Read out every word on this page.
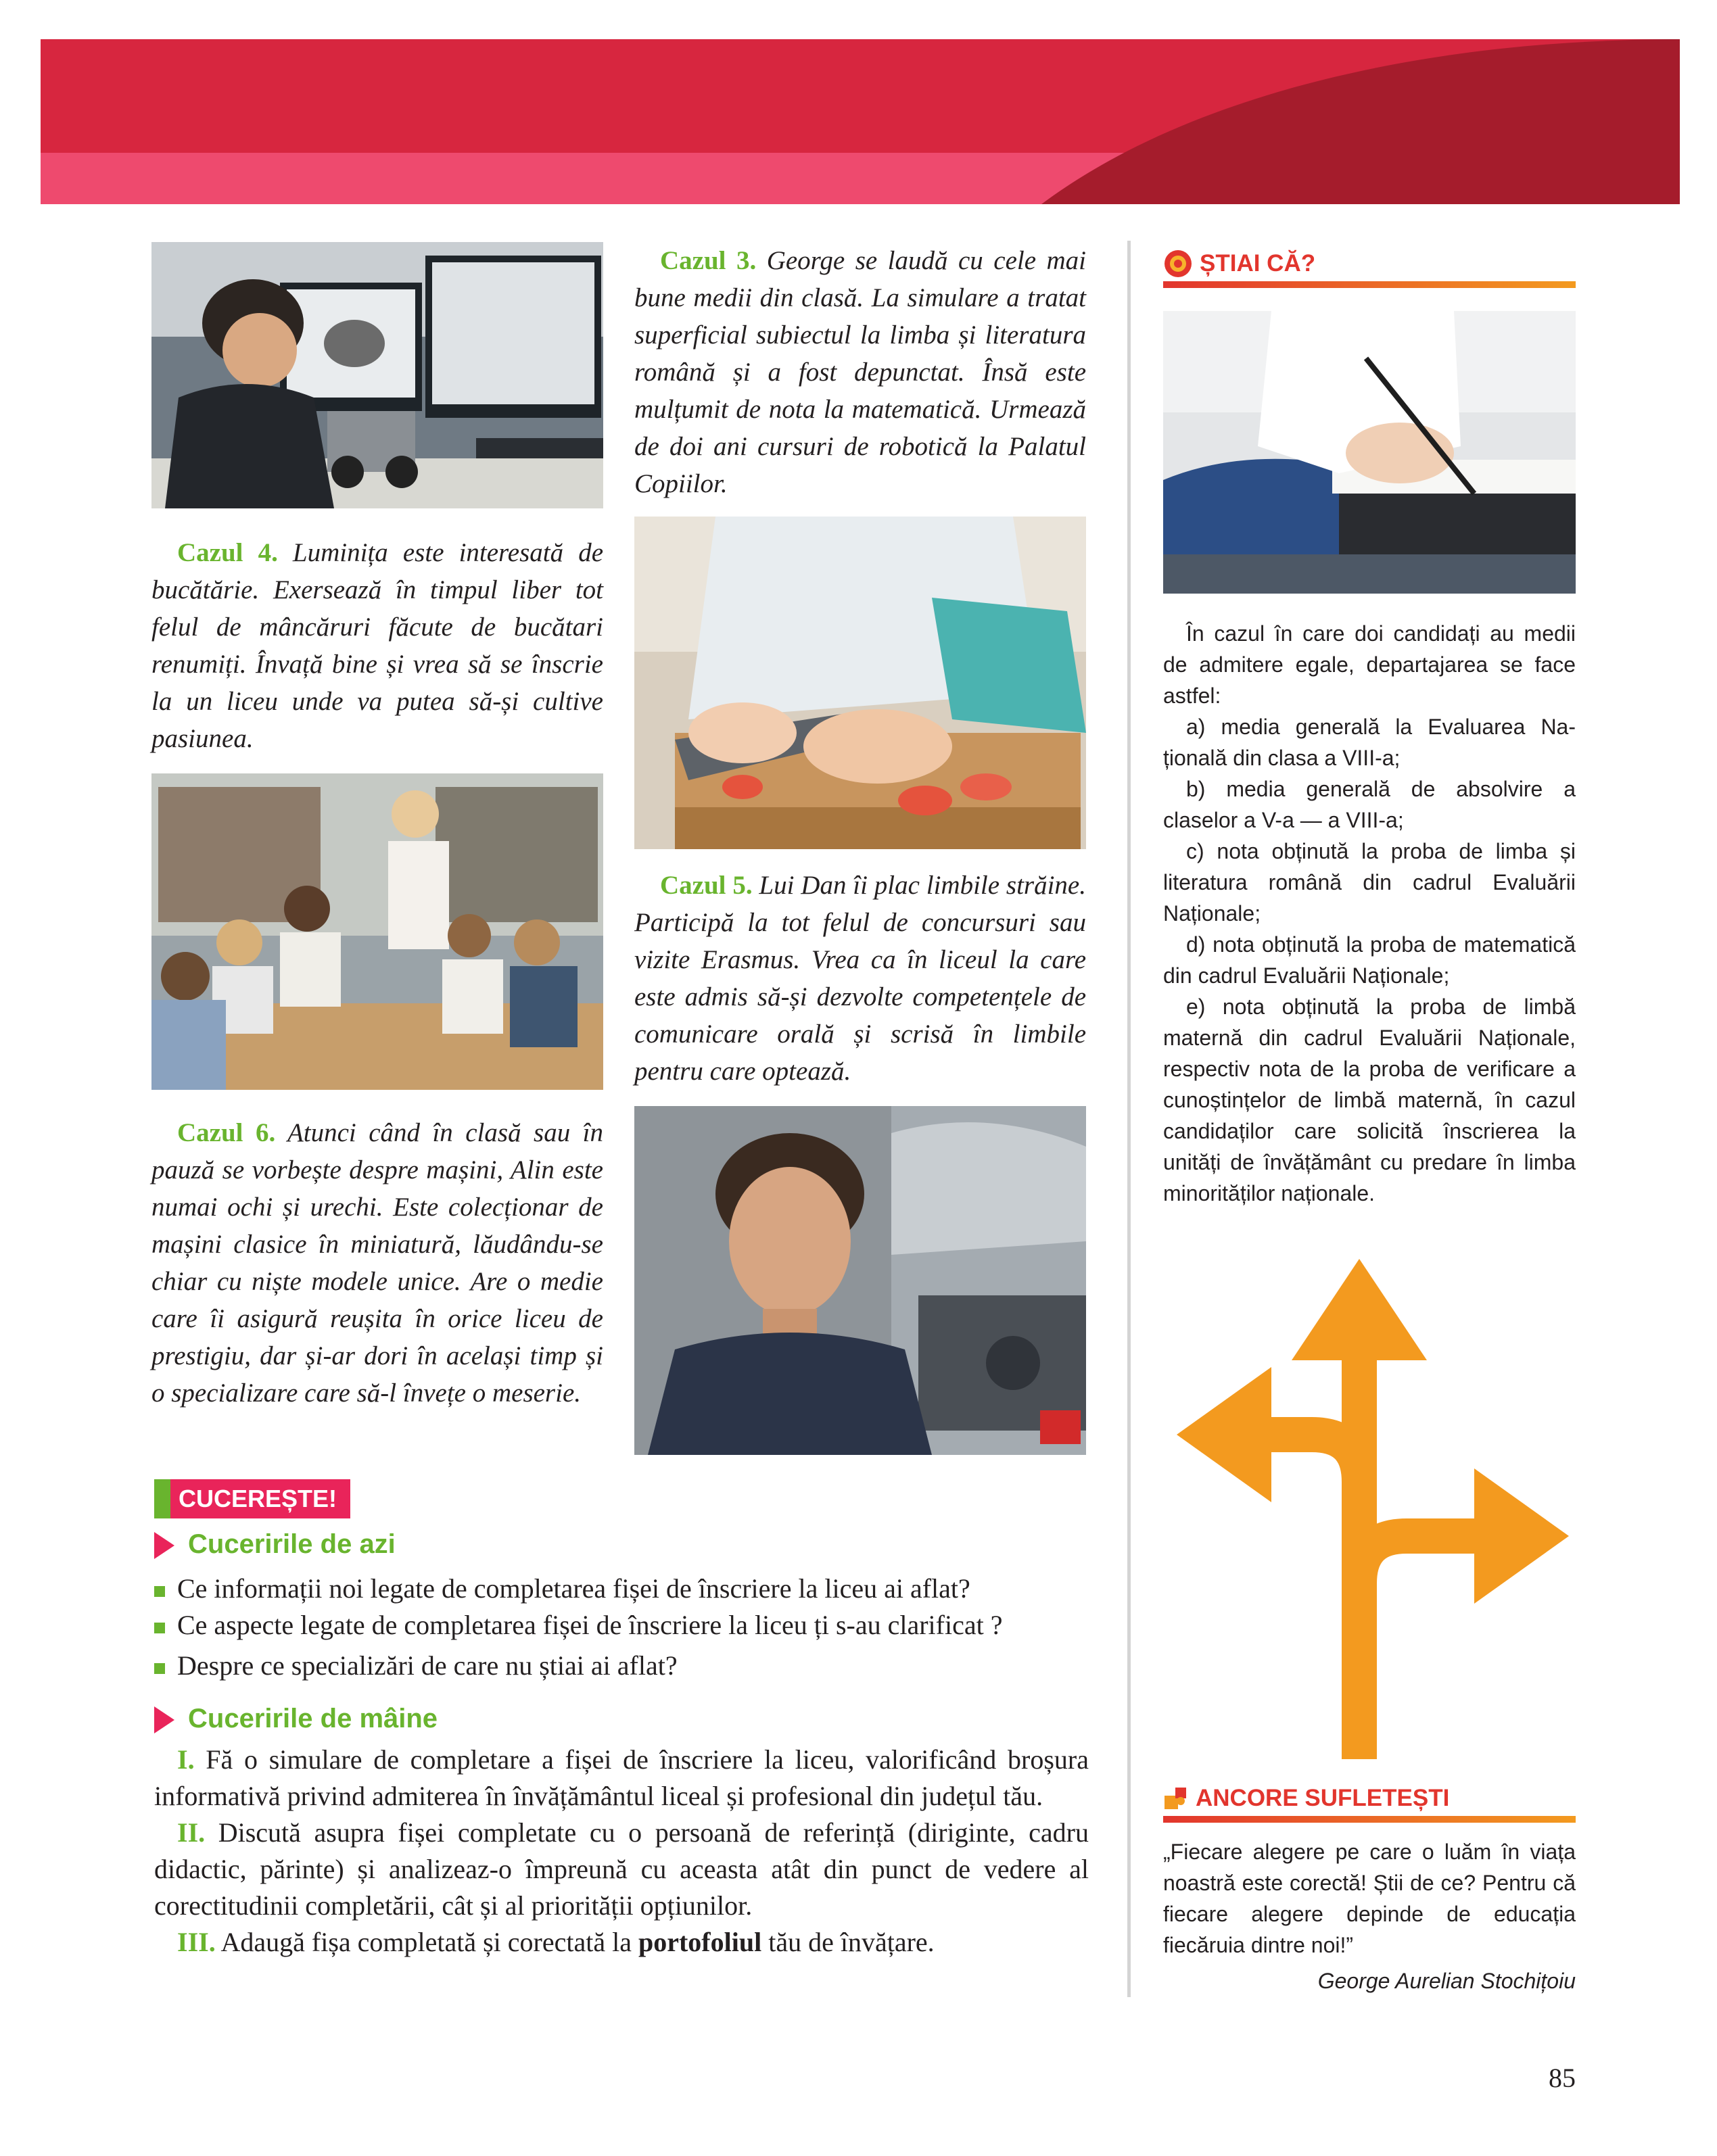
Cazul 3. George se laudă cu cele mai bune medii din clasă. La simulare a tratat superficial subiectul la limba și literatura română și a fost depunctat. Însă este mulțumit de nota la matematică. Urmează de doi ani cursuri de robotică la Palatul Copiilor.
Cazul 4. Luminița este interesată de bucătărie. Exersează în timpul liber tot felul de mâncăruri făcute de bucătari renumiți. Învață bine și vrea să se înscrie la un liceu unde va putea să-și cultive pasiunea.
Cazul 5. Lui Dan îi plac limbile străine. Participă la tot felul de concursuri sau vizite Erasmus. Vrea ca în liceul la care este admis să-și dezvolte competențele de comunicare orală și scrisă în limbile pentru care optează.
Cazul 6. Atunci când în clasă sau în pauză se vorbește despre mașini, Alin este numai ochi și urechi. Este colecționar de mașini clasice în miniatură, lăudându-se chiar cu niște modele unice. Are o medie care îi asigură reușita în orice liceu de prestigiu, dar și-ar dori în același timp și o specializare care să-l învețe o meserie.
ȘTIAI CĂ?

În cazul în care doi candidați au medii de admitere egale, departajarea se face astfel:

a) media generală la Evaluarea Națională din clasa a VIII-a;

b) media generală de absolvire a claselor a V-a — a VIII-a;

c) nota obținută la proba de limba și literatura română din cadrul Evaluării Naționale;

d) nota obținută la proba de matematică din cadrul Evaluării Naționale;

e) nota obținută la proba de limbă maternă din cadrul Evaluării Naționale, respectiv nota de la proba de verificare a cunoștințelor de limbă maternă, în cazul candidaților care solicită înscrierea la unități de învățământ cu predare în limba minorităților naționale.

ANCORE SUFLETEȘTI
„Fiecare alegere pe care o luăm în viața noastră este corectă! Știi de ce? Pentru că fiecare alegere depinde de educația fiecăruia dintre noi!”
George Aurelian Stochițoiu
CUCEREȘTE!
Cuceririle de azi
Ce informații noi legate de completarea fișei de înscriere la liceu ai aflat?
Ce aspecte legate de completarea fișei de înscriere la liceu ți s-au clarificat ?
Despre ce specializări de care nu știai ai aflat?
Cuceririle de mâine
I. Fă o simulare de completare a fișei de înscriere la liceu, valorificând broșura informativă privind admiterea în învățământul liceal și profesional din județul tău.
II. Discută asupra fișei completate cu o persoană de referință (diriginte, cadru didactic, părinte) și analizeaz-o împreună cu aceasta atât din punct de vedere al corectitudinii completării, cât și al priorității opțiunilor.
III. Adaugă fișa completată și corectată la portofoliul tău de învățare.
85
